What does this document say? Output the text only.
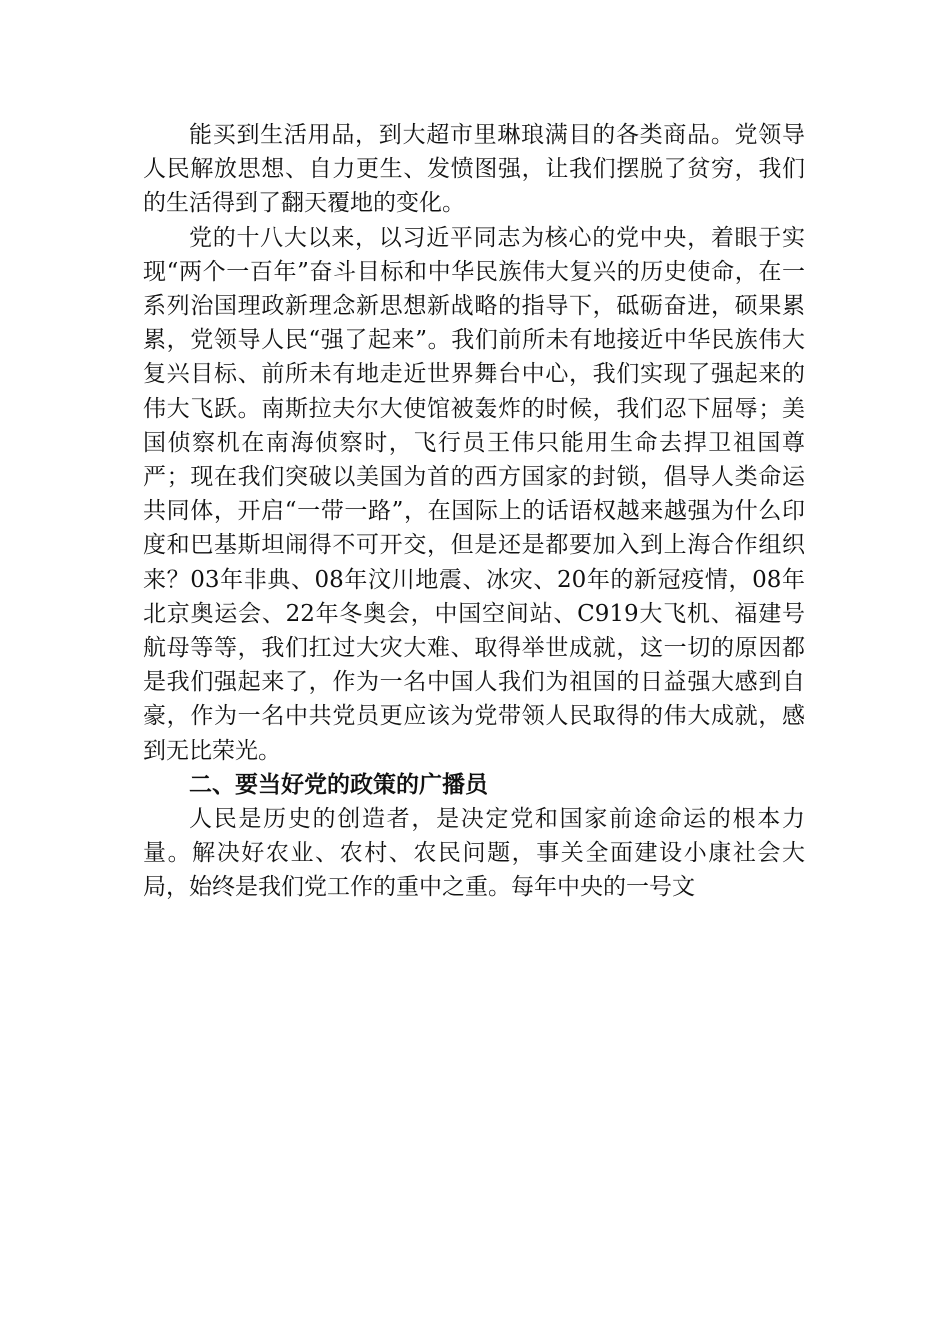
能买到生活用品，到大超市里琳琅满目的各类商品。党领导人民解放思想、自力更生、发愤图强，让我们摆脱了贫穷，我们的生活得到了翻天覆地的变化。

党的十八大以来，以习近平同志为核心的党中央，着眼于实现“两个一百年”奋斗目标和中华民族伟大复兴的历史使命，在一系列治国理政新理念新思想新战略的指导下，砥砺奋进，硕果累累，党领导人民“强了起来”。我们前所未有地接近中华民族伟大复兴目标、前所未有地走近世界舞台中心，我们实现了强起来的伟大飞跃。南斯拉夫尔大使馆被轰炸的时候，我们忍下屈辱；美国侦察机在南海侦察时，飞行员王伟只能用生命去捍卫祖国尊严；现在我们突破以美国为首的西方国家的封锁，倡导人类命运共同体，开启“一带一路”，在国际上的话语权越来越强为什么印度和巴基斯坦闹得不可开交，但是还是都要加入到上海合作组织来？03年非典、08年汶川地震、冰灾、20年的新冠疫情，08年北京奥运会、22年冬奥会，中国空间站、C919大飞机、福建号航母等等，我们扛过大灾大难、取得举世成就，这一切的原因都是我们强起来了，作为一名中国人我们为祖国的日益强大感到自豪，作为一名中共党员更应该为党带领人民取得的伟大成就，感到无比荣光。

二、要当好党的政策的广播员

人民是历史的创造者，是决定党和国家前途命运的根本力量。解决好农业、农村、农民问题，事关全面建设小康社会大局，始终是我们党工作的重中之重。每年中央的一号文
